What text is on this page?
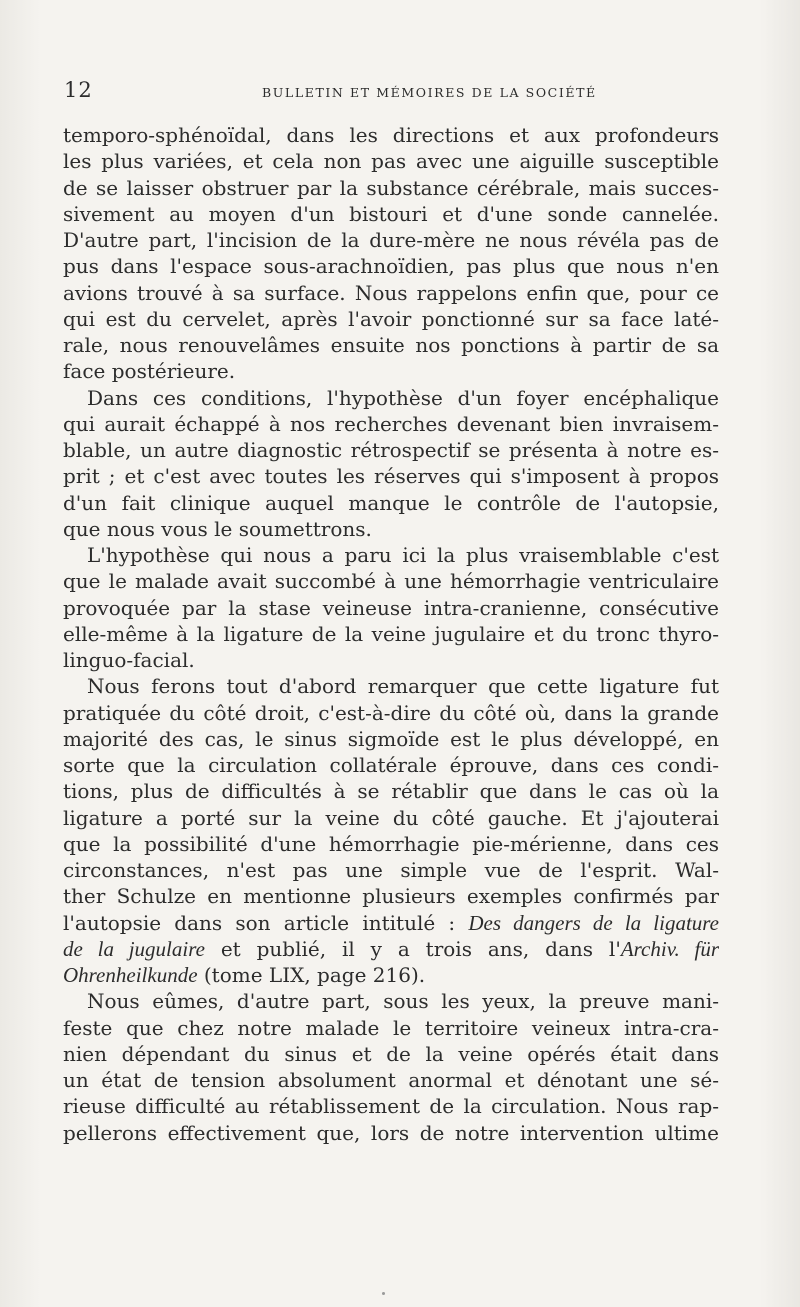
12	BULLETIN ET MÉMOIRES DE LA SOCIÉTÉ
temporo-sphénoïdal, dans les directions et aux profondeurs
les plus variées, et cela non pas avec une aiguille susceptible
de se laisser obstruer par la substance cérébrale, mais succes-
sivement au moyen d'un bistouri et d'une sonde cannelée.
D'autre part, l'incision de la dure-mère ne nous révéla pas de
pus dans l'espace sous-arachnoïdien, pas plus que nous n'en
avions trouvé à sa surface. Nous rappelons enfin que, pour ce
qui est du cervelet, après l'avoir ponctionné sur sa face laté-
rale, nous renouvelâmes ensuite nos ponctions à partir de sa
face postérieure.
Dans ces conditions, l'hypothèse d'un foyer encéphalique
qui aurait échappé à nos recherches devenant bien invraisem-
blable, un autre diagnostic rétrospectif se présenta à notre es-
prit ; et c'est avec toutes les réserves qui s'imposent à propos
d'un fait clinique auquel manque le contrôle de l'autopsie,
que nous vous le soumettrons.
L'hypothèse qui nous a paru ici la plus vraisemblable c'est
que le malade avait succombé à une hémorrhagie ventriculaire
provoquée par la stase veineuse intra-cranienne, consécutive
elle-même à la ligature de la veine jugulaire et du tronc thyro-
linguo-facial.
Nous ferons tout d'abord remarquer que cette ligature fut
pratiquée du côté droit, c'est-à-dire du côté où, dans la grande
majorité des cas, le sinus sigmoïde est le plus développé, en
sorte que la circulation collatérale éprouve, dans ces condi-
tions, plus de difficultés à se rétablir que dans le cas où la
ligature a porté sur la veine du côté gauche. Et j'ajouterai
que la possibilité d'une hémorrhagie pie-mérienne, dans ces
circonstances, n'est pas une simple vue de l'esprit. Wal-
ther Schulze en mentionne plusieurs exemples confirmés par
l'autopsie dans son article intitulé : Des dangers de la ligature
de la jugulaire et publié, il y a trois ans, dans l'Archiv. für
Ohrenheilkunde (tome LIX, page 216).
Nous eûmes, d'autre part, sous les yeux, la preuve mani-
feste que chez notre malade le territoire veineux intra-cra-
nien dépendant du sinus et de la veine opérés était dans
un état de tension absolument anormal et dénotant une sé-
rieuse difficulté au rétablissement de la circulation. Nous rap-
pellerons effectivement que, lors de notre intervention ultime
